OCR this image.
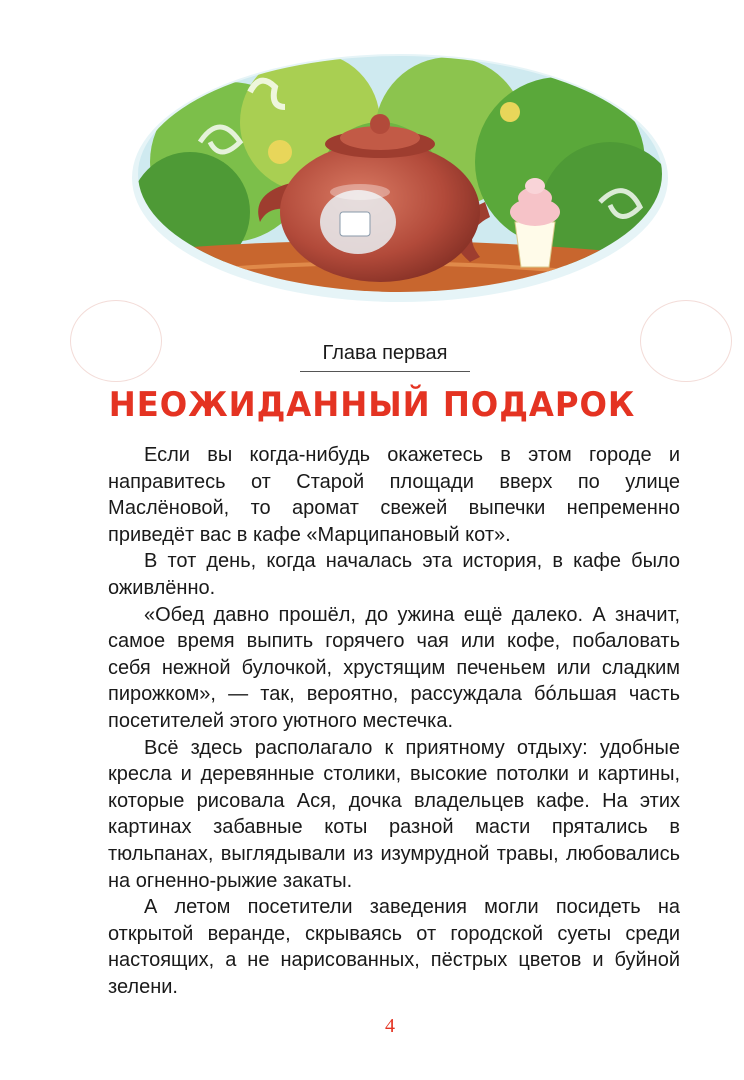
Глава первая
НЕОЖИДАННЫЙ ПОДАРОК

Если вы когда-нибудь окажетесь в этом городе и направитесь от Старой площади вверх по улице Маслёновой, то аромат свежей выпечки непременно приведёт вас в кафе «Марципановый кот».

В тот день, когда началась эта история, в кафе было оживлённо.

«Обед давно прошёл, до ужина ещё далеко. А значит, самое время выпить горячего чая или кофе, побаловать себя нежной булочкой, хрустящим печеньем или сладким пирожком», — так, вероятно, рассуждала бóльшая часть посетителей этого уютного местечка.

Всё здесь располагало к приятному отдыху: удобные кресла и деревянные столики, высокие потолки и картины, которые рисовала Ася, дочка владельцев кафе. На этих картинах забавные коты разной масти прятались в тюльпанах, выглядывали из изумрудной травы, любовались на огненно-рыжие закаты.

А летом посетители заведения могли посидеть на открытой веранде, скрываясь от городской суеты среди настоящих, а не нарисованных, пёстрых цветов и буйной зелени.

4
